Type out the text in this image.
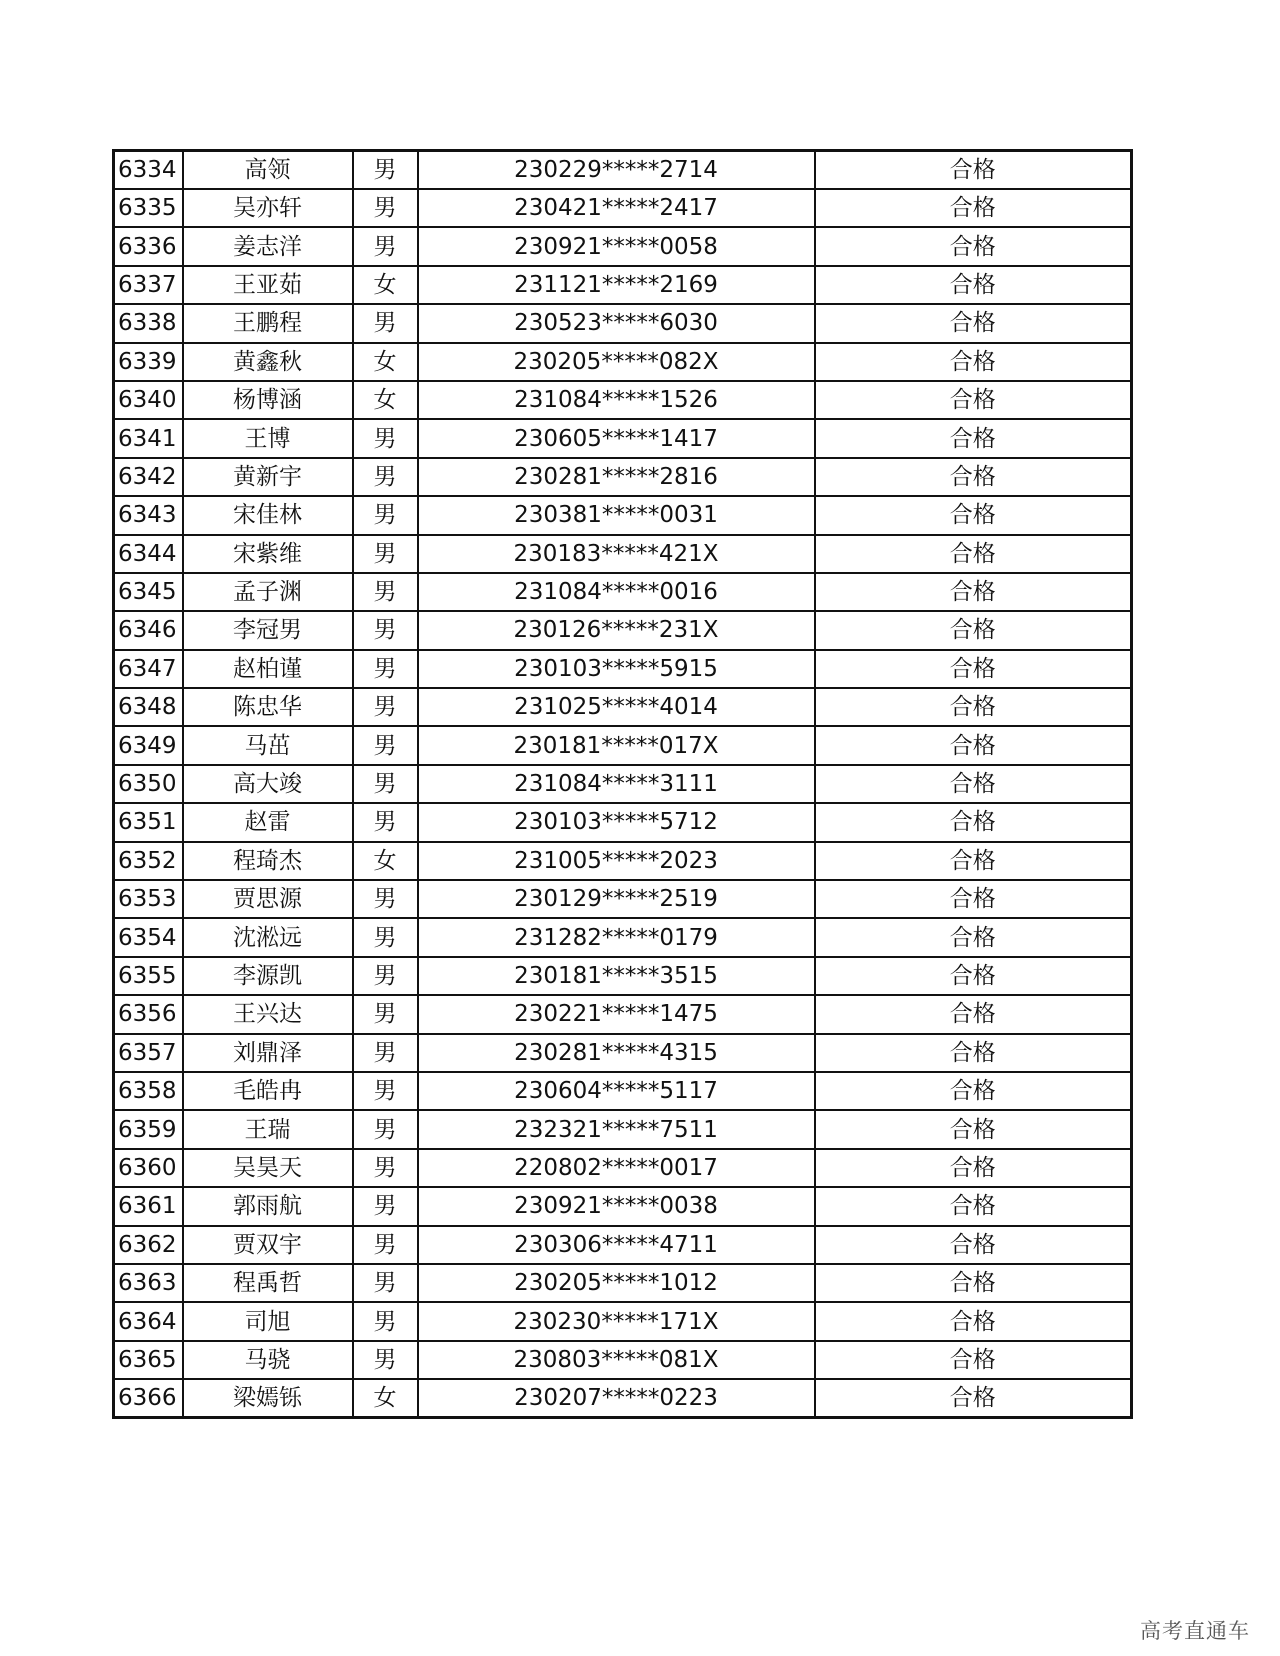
6334	高领	男	230229*****2714	合格
6335	吴亦轩	男	230421*****2417	合格
6336	姜志洋	男	230921*****0058	合格
6337	王亚茹	女	231121*****2169	合格
6338	王鹏程	男	230523*****6030	合格
6339	黄鑫秋	女	230205*****082X	合格
6340	杨博涵	女	231084*****1526	合格
6341	王博	男	230605*****1417	合格
6342	黄新宇	男	230281*****2816	合格
6343	宋佳林	男	230381*****0031	合格
6344	宋紫维	男	230183*****421X	合格
6345	孟子渊	男	231084*****0016	合格
6346	李冠男	男	230126*****231X	合格
6347	赵柏谨	男	230103*****5915	合格
6348	陈忠华	男	231025*****4014	合格
6349	马茁	男	230181*****017X	合格
6350	高大竣	男	231084*****3111	合格
6351	赵雷	男	230103*****5712	合格
6352	程琦杰	女	231005*****2023	合格
6353	贾思源	男	230129*****2519	合格
6354	沈淞远	男	231282*****0179	合格
6355	李源凯	男	230181*****3515	合格
6356	王兴达	男	230221*****1475	合格
6357	刘鼎泽	男	230281*****4315	合格
6358	毛皓冉	男	230604*****5117	合格
6359	王瑞	男	232321*****7511	合格
6360	吴昊天	男	220802*****0017	合格
6361	郭雨航	男	230921*****0038	合格
6362	贾双宇	男	230306*****4711	合格
6363	程禹哲	男	230205*****1012	合格
6364	司旭	男	230230*****171X	合格
6365	马骁	男	230803*****081X	合格
6366	梁嫣铄	女	230207*****0223	合格
高考直通车
